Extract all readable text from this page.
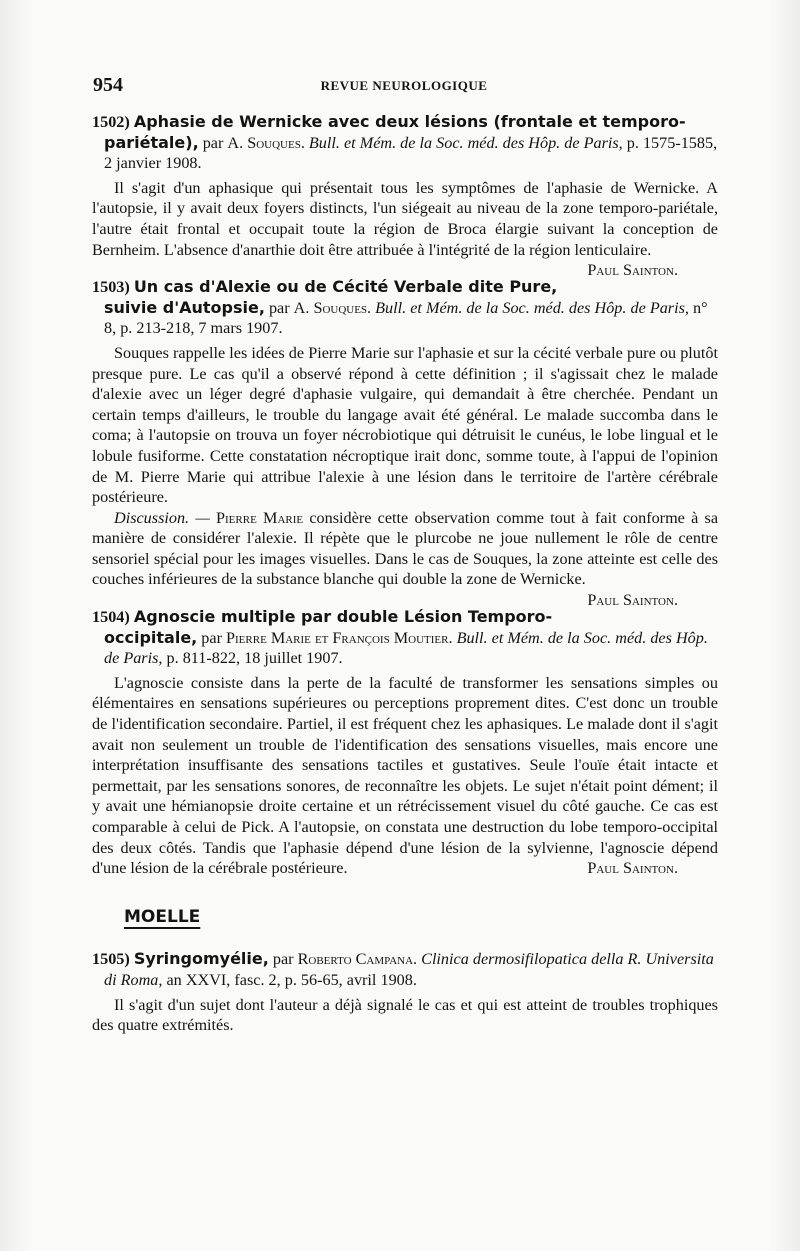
954	REVUE NEUROLOGIQUE
1502) Aphasie de Wernicke avec deux lésions (frontale et temporo-pariétale), par A. Souques. Bull. et Mém. de la Soc. méd. des Hôp. de Paris, p. 1575-1585, 2 janvier 1908.

Il s'agit d'un aphasique qui présentait tous les symptômes de l'aphasie de Wernicke. A l'autopsie, il y avait deux foyers distincts, l'un siégeait au niveau de la zone temporo-pariétale, l'autre était frontal et occupait toute la région de Broca élargie suivant la conception de Bernheim. L'absence d'anarthie doit être attribuée à l'intégrité de la région lenticulaire.
Paul Sainton.

1503) Un cas d'Alexie ou de Cécité Verbale dite Pure, suivie d'Autopsie, par A. Souques. Bull. et Mém. de la Soc. méd. des Hôp. de Paris, n° 8, p. 213-218, 7 mars 1907.

Souques rappelle les idées de Pierre Marie sur l'aphasie et sur la cécité verbale pure ou plutôt presque pure. Le cas qu'il a observé répond à cette définition ; il s'agissait chez le malade d'alexie avec un léger degré d'aphasie vulgaire, qui demandait à être cherchée. Pendant un certain temps d'ailleurs, le trouble du langage avait été général. Le malade succomba dans le coma; à l'autopsie on trouva un foyer nécrobiotique qui détruisit le cunéus, le lobe lingual et le lobule fusiforme. Cette constatation nécroptique irait donc, somme toute, à l'appui de l'opinion de M. Pierre Marie qui attribue l'alexie à une lésion dans le territoire de l'artère cérébrale postérieure.

Discussion. — Pierre Marie considère cette observation comme tout à fait conforme à sa manière de considérer l'alexie. Il répète que le plurcobe ne joue nullement le rôle de centre sensoriel spécial pour les images visuelles. Dans le cas de Souques, la zone atteinte est celle des couches inférieures de la substance blanche qui double la zone de Wernicke.
Paul Sainton.

1504) Agnoscie multiple par double Lésion Temporo-occipitale, par Pierre Marie et François Moutier. Bull. et Mém. de la Soc. méd. des Hôp. de Paris, p. 811-822, 18 juillet 1907.

L'agnoscie consiste dans la perte de la faculté de transformer les sensations simples ou élémentaires en sensations supérieures ou perceptions proprement dites. C'est donc un trouble de l'identification secondaire. Partiel, il est fréquent chez les aphasiques. Le malade dont il s'agit avait non seulement un trouble de l'identification des sensations visuelles, mais encore une interprétation insuffisante des sensations tactiles et gustatives. Seule l'ouïe était intacte et permettait, par les sensations sonores, de reconnaître les objets. Le sujet n'était point dément; il y avait une hémianopsie droite certaine et un rétrécissement visuel du côté gauche. Ce cas est comparable à celui de Pick. A l'autopsie, on constata une destruction du lobe temporo-occipital des deux côtés. Tandis que l'aphasie dépend d'une lésion de la sylvienne, l'agnoscie dépend d'une lésion de la cérébrale postérieure.	Paul Sainton.

MOELLE
1505) Syringomyélie, par Roberto Campana. Clinica dermosifilopatica della R. Universita di Roma, an XXVI, fasc. 2, p. 56-65, avril 1908.

Il s'agit d'un sujet dont l'auteur a déjà signalé le cas et qui est atteint de troubles trophiques des quatre extrémités.
